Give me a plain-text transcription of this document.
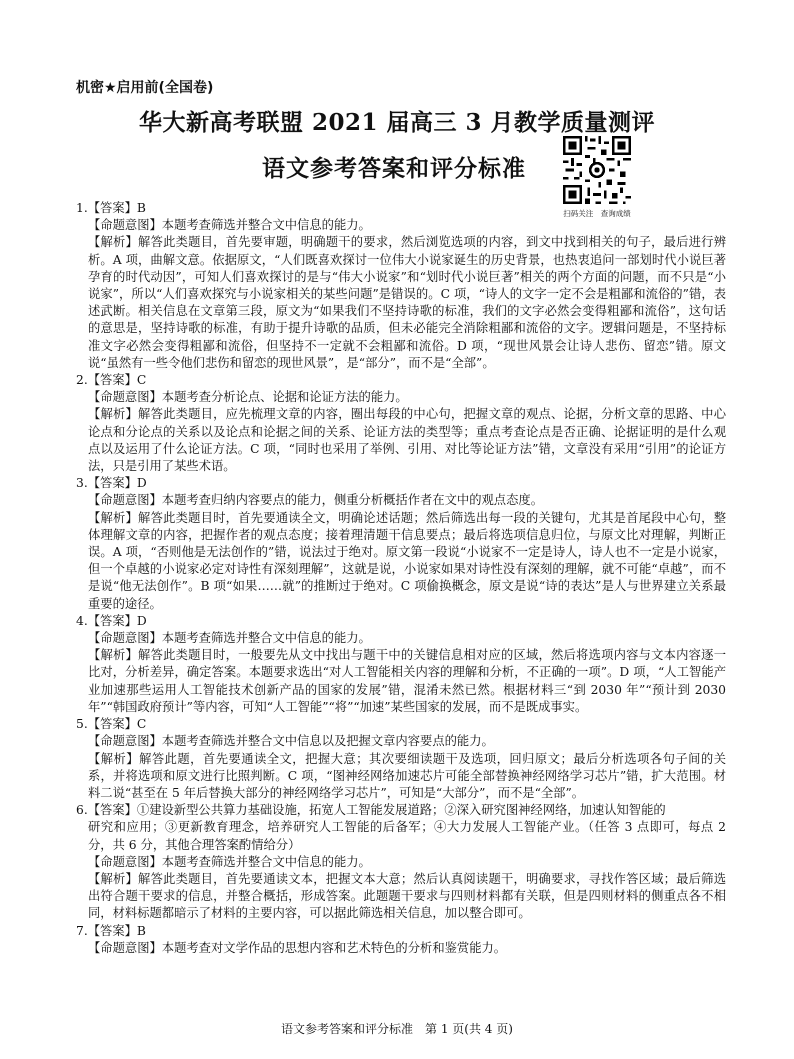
机密★启用前(全国卷)
华大新高考联盟 2021 届高三 3 月教学质量测评
语文参考答案和评分标准
扫码关注　查询成绩
1.【答案】B
【命题意图】本题考查筛选并整合文中信息的能力。
【解析】解答此类题目，首先要审题，明确题干的要求，然后浏览选项的内容，到文中找到相关的句子，最后进行辨析。A 项，曲解文意。依据原文，“人们既喜欢探讨一位伟大小说家诞生的历史背景，也热衷追问一部划时代小说巨著孕育的时代动因”，可知人们喜欢探讨的是与“伟大小说家”和“划时代小说巨著”相关的两个方面的问题，而不只是“小说家”，所以“人们喜欢探究与小说家相关的某些问题”是错误的。C 项，“诗人的文字一定不会是粗鄙和流俗的”错，表述武断。相关信息在文章第三段，原文为“如果我们不坚持诗歌的标准，我们的文字必然会变得粗鄙和流俗”，这句话的意思是，坚持诗歌的标准，有助于提升诗歌的品质，但未必能完全消除粗鄙和流俗的文字。逻辑问题是，不坚持标准文字必然会变得粗鄙和流俗，但坚持不一定就不会粗鄙和流俗。D 项，“现世风景会让诗人悲伤、留恋”错。原文说“虽然有一些令他们悲伤和留恋的现世风景”，是“部分”，而不是“全部”。
2.【答案】C
【命题意图】本题考查分析论点、论据和论证方法的能力。
【解析】解答此类题目，应先梳理文章的内容，圈出每段的中心句，把握文章的观点、论据，分析文章的思路、中心论点和分论点的关系以及论点和论据之间的关系、论证方法的类型等；重点考查论点是否正确、论据证明的是什么观点以及运用了什么论证方法。C 项，“同时也采用了举例、引用、对比等论证方法”错，文章没有采用“引用”的论证方法，只是引用了某些术语。
3.【答案】D
【命题意图】本题考查归纳内容要点的能力，侧重分析概括作者在文中的观点态度。
【解析】解答此类题目时，首先要通读全文，明确论述话题；然后筛选出每一段的关键句，尤其是首尾段中心句，整体理解文章的内容，把握作者的观点态度；接着理清题干信息要点；最后将选项信息归位，与原文比对理解，判断正误。A 项，“否则他是无法创作的”错，说法过于绝对。原文第一段说“小说家不一定是诗人，诗人也不一定是小说家，但一个卓越的小说家必定对诗性有深刻理解”，这就是说，小说家如果对诗性没有深刻的理解，就不可能“卓越”，而不是说“他无法创作”。B 项“如果……就”的推断过于绝对。C 项偷换概念，原文是说“诗的表达”是人与世界建立关系最重要的途径。
4.【答案】D
【命题意图】本题考查筛选并整合文中信息的能力。
【解析】解答此类题目时，一般要先从文中找出与题干中的关键信息相对应的区域，然后将选项内容与文本内容逐一比对，分析差异，确定答案。本题要求选出“对人工智能相关内容的理解和分析，不正确的一项”。D 项，“人工智能产业加速那些运用人工智能技术创新产品的国家的发展”错，混淆未然已然。根据材料三“到 2030 年”“预计到 2030 年”“韩国政府预计”等内容，可知“人工智能”“将”“加速”某些国家的发展，而不是既成事实。
5.【答案】C
【命题意图】本题考查筛选并整合文中信息以及把握文章内容要点的能力。
【解析】解答此题，首先要通读全文，把握大意；其次要细读题干及选项，回归原文；最后分析选项各句子间的关系，并将选项和原文进行比照判断。C 项，“图神经网络加速芯片可能全部替换神经网络学习芯片”错，扩大范围。材料二说“甚至在 5 年后替换大部分的神经网络学习芯片”，可知是“大部分”，而不是“全部”。
6.【答案】①建设新型公共算力基础设施，拓宽人工智能发展道路；②深入研究图神经网络，加速认知智能的
研究和应用；③更新教育理念，培养研究人工智能的后备军；④大力发展人工智能产业。（任答 3 点即可，每点 2 分，共 6 分，其他合理答案酌情给分）
【命题意图】本题考查筛选并整合文中信息的能力。
【解析】解答此类题目，首先要通读文本，把握文本大意；然后认真阅读题干，明确要求，寻找作答区域；最后筛选出符合题干要求的信息，并整合概括，形成答案。此题题干要求与四则材料都有关联，但是四则材料的侧重点各不相同，材料标题都暗示了材料的主要内容，可以据此筛选相关信息，加以整合即可。
7.【答案】B
【命题意图】本题考查对文学作品的思想内容和艺术特色的分析和鉴赏能力。
语文参考答案和评分标准　第 1 页(共 4 页)
